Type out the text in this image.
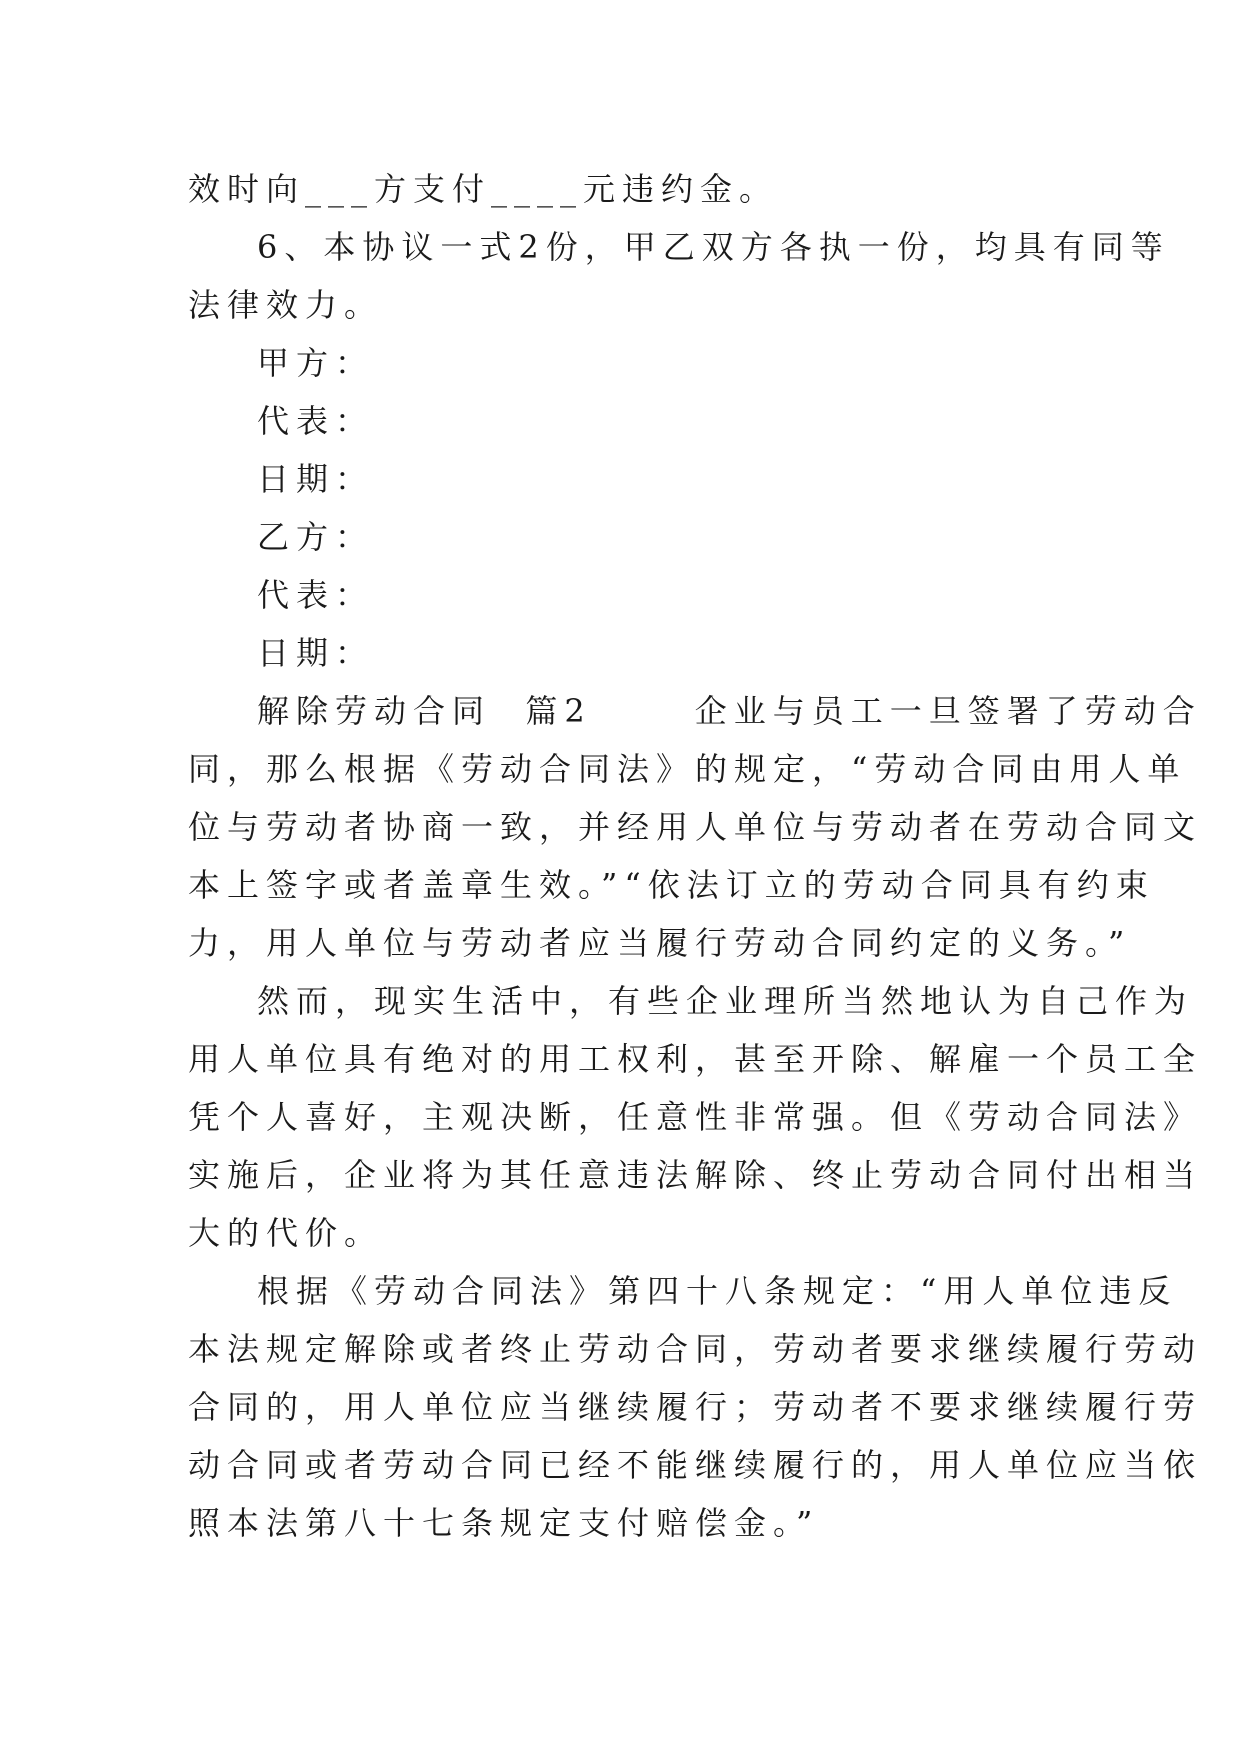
效时向___方支付____元违约金。
6、本协议一式2份，甲乙双方各执一份，均具有同等
法律效力。
甲方：
代表：
日期：
乙方：
代表：
日期：
解除劳动合同  篇2      企业与员工一旦签署了劳动合
同，那么根据《劳动合同法》的规定，“劳动合同由用人单
位与劳动者协商一致，并经用人单位与劳动者在劳动合同文
本上签字或者盖章生效。”“依法订立的劳动合同具有约束
力，用人单位与劳动者应当履行劳动合同约定的义务。”
然而，现实生活中，有些企业理所当然地认为自己作为
用人单位具有绝对的用工权利，甚至开除、解雇一个员工全
凭个人喜好，主观决断，任意性非常强。但《劳动合同法》
实施后，企业将为其任意违法解除、终止劳动合同付出相当
大的代价。
根据《劳动合同法》第四十八条规定：“用人单位违反
本法规定解除或者终止劳动合同，劳动者要求继续履行劳动
合同的，用人单位应当继续履行；劳动者不要求继续履行劳
动合同或者劳动合同已经不能继续履行的，用人单位应当依
照本法第八十七条规定支付赔偿金。”
